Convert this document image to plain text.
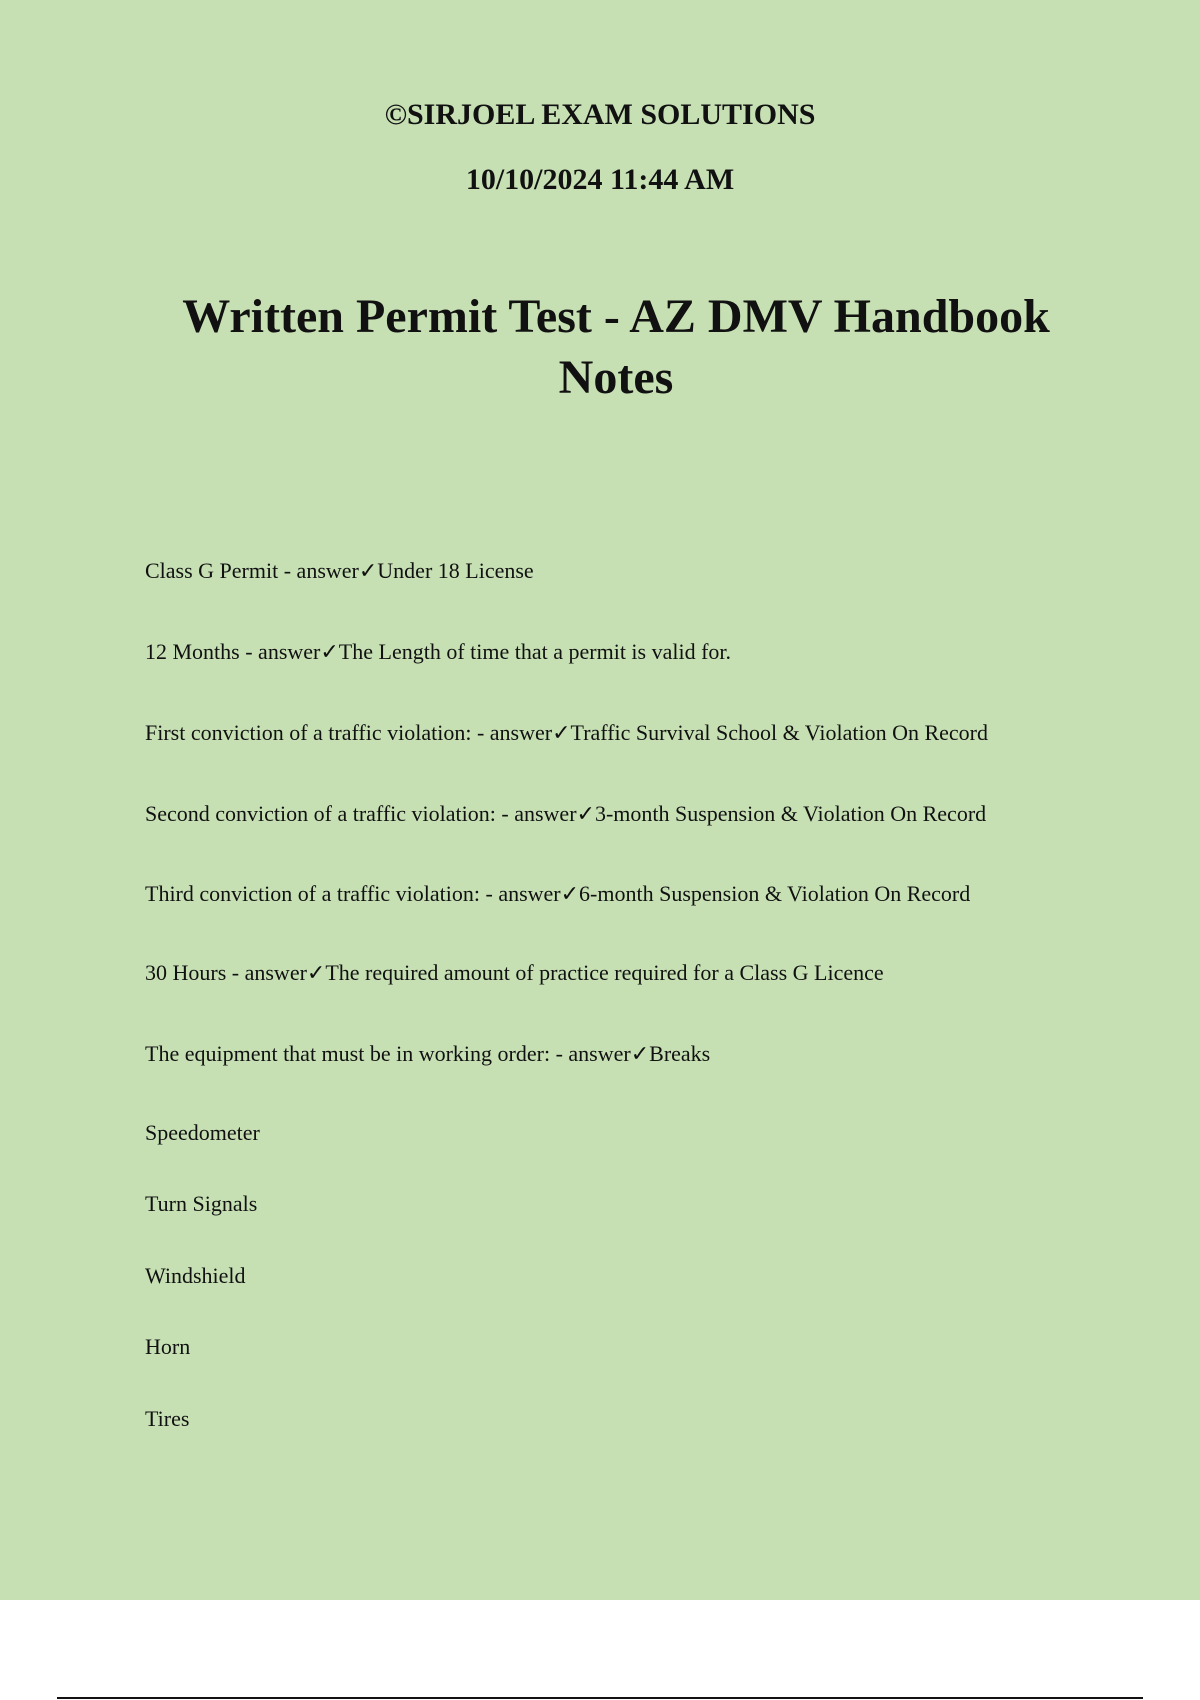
©SIRJOEL EXAM SOLUTIONS
10/10/2024 11:44 AM
Written Permit Test - AZ DMV Handbook Notes
Class G Permit - answer✓Under 18 License
12 Months - answer✓The Length of time that a permit is valid for.
First conviction of a traffic violation: - answer✓Traffic Survival School & Violation On Record
Second conviction of a traffic violation: - answer✓3-month Suspension & Violation On Record
Third conviction of a traffic violation: - answer✓6-month Suspension & Violation On Record
30 Hours - answer✓The required amount of practice required for a Class G Licence
The equipment that must be in working order: - answer✓Breaks
Speedometer
Turn Signals
Windshield
Horn
Tires
